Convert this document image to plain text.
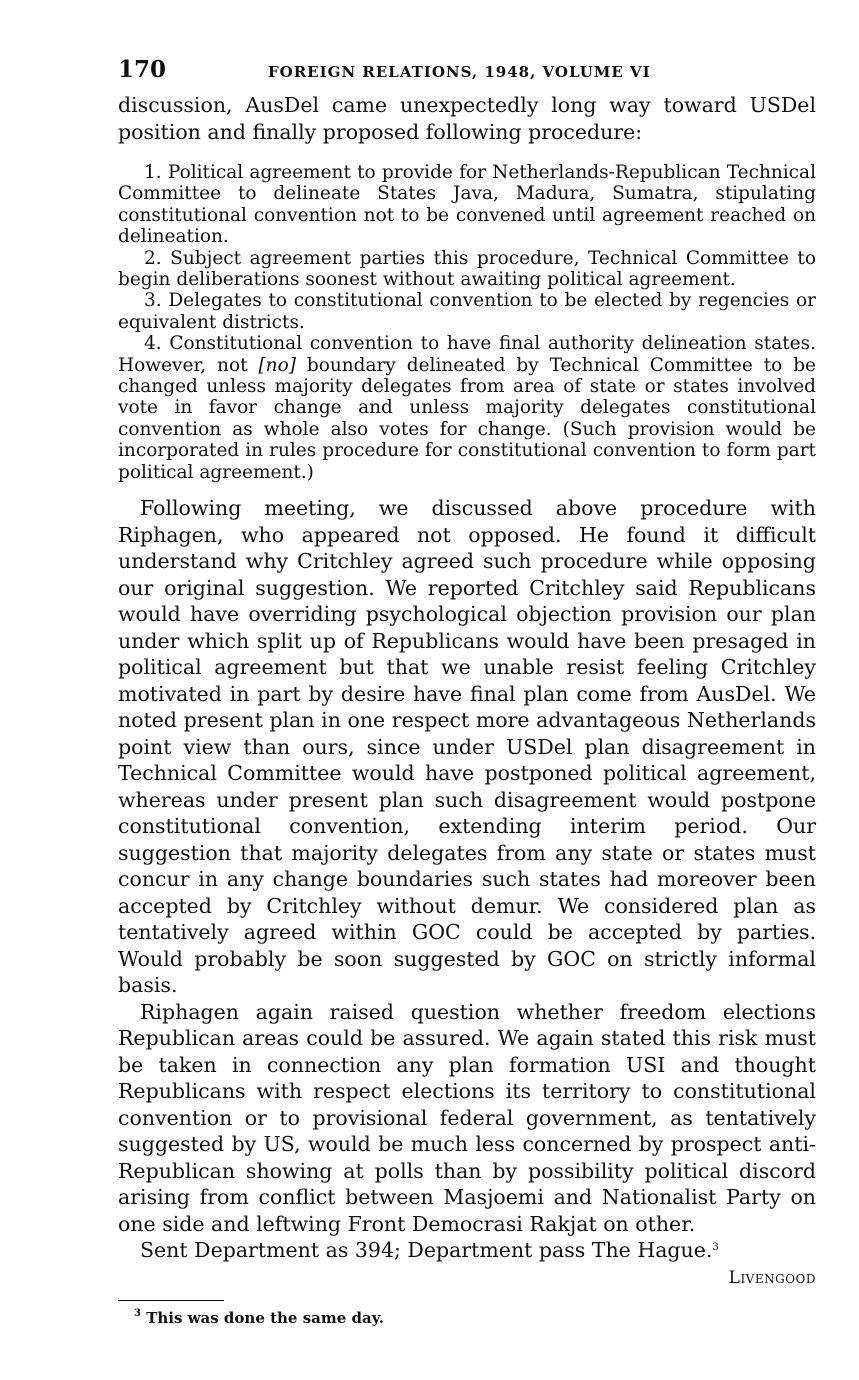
170	FOREIGN RELATIONS, 1948, VOLUME VI

discussion, AusDel came unexpectedly long way toward USDel position and finally proposed following procedure:

1. Political agreement to provide for Netherlands-Republican Technical Committee to delineate States Java, Madura, Sumatra, stipulating constitutional convention not to be convened until agreement reached on delineation.

2. Subject agreement parties this procedure, Technical Committee to begin deliberations soonest without awaiting political agreement.

3. Delegates to constitutional convention to be elected by regencies or equivalent districts.

4. Constitutional convention to have final authority delineation states. However, not [no] boundary delineated by Technical Committee to be changed unless majority delegates from area of state or states involved vote in favor change and unless majority delegates constitutional convention as whole also votes for change. (Such provision would be incorporated in rules procedure for constitutional convention to form part political agreement.)

Following meeting, we discussed above procedure with Riphagen, who appeared not opposed. He found it difficult understand why Critchley agreed such procedure while opposing our original suggestion. We reported Critchley said Republicans would have overriding psychological objection provision our plan under which split up of Republicans would have been presaged in political agreement but that we unable resist feeling Critchley motivated in part by desire have final plan come from AusDel. We noted present plan in one respect more advantageous Netherlands point view than ours, since under USDel plan disagreement in Technical Committee would have postponed political agreement, whereas under present plan such disagreement would postpone constitutional convention, extending interim period. Our suggestion that majority delegates from any state or states must concur in any change boundaries such states had moreover been accepted by Critchley without demur. We considered plan as tentatively agreed within GOC could be accepted by parties. Would probably be soon suggested by GOC on strictly informal basis.

Riphagen again raised question whether freedom elections Republican areas could be assured. We again stated this risk must be taken in connection any plan formation USI and thought Republicans with respect elections its territory to constitutional convention or to provisional federal government, as tentatively suggested by US, would be much less concerned by prospect anti-Republican showing at polls than by possibility political discord arising from conflict between Masjoemi and Nationalist Party on one side and leftwing Front Democrasi Rakjat on other.

Sent Department as 394; Department pass The Hague.$^3$

Livengood

$^3$ This was done the same day.
